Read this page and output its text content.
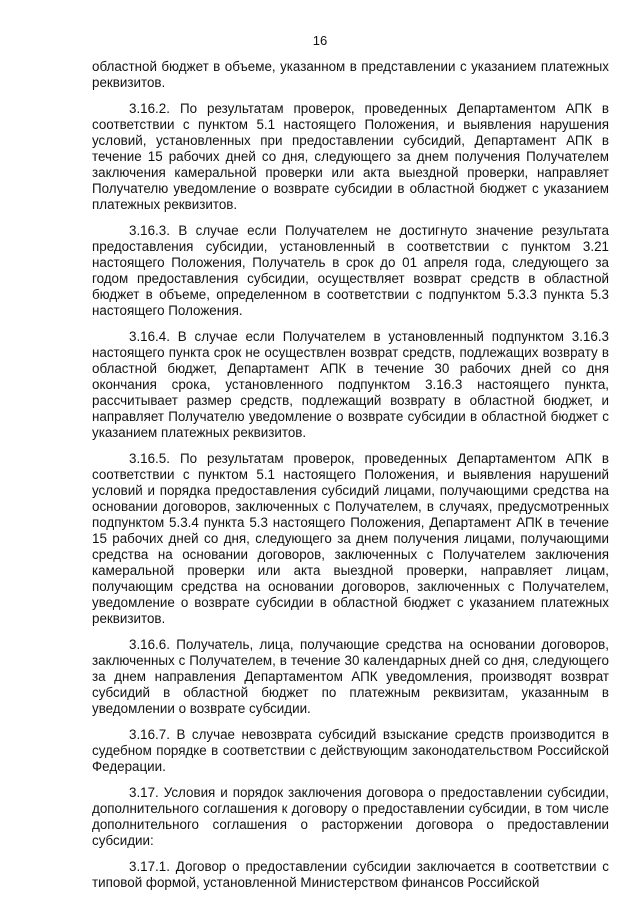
16

областной бюджет в объеме, указанном в представлении с указанием платежных реквизитов.

3.16.2. По результатам проверок, проведенных Департаментом АПК в соответствии с пунктом 5.1 настоящего Положения, и выявления нарушения условий, установленных при предоставлении субсидий, Департамент АПК в течение 15 рабочих дней со дня, следующего за днем получения Получателем заключения камеральной проверки или акта выездной проверки, направляет Получателю уведомление о возврате субсидии в областной бюджет с указанием платежных реквизитов.

3.16.3. В случае если Получателем не достигнуто значение результата предоставления субсидии, установленный в соответствии с пунктом 3.21 настоящего Положения, Получатель в срок до 01 апреля года, следующего за годом предоставления субсидии, осуществляет возврат средств в областной бюджет в объеме, определенном в соответствии с подпунктом 5.3.3 пункта 5.3 настоящего Положения.

3.16.4. В случае если Получателем в установленный подпунктом 3.16.3 настоящего пункта срок не осуществлен возврат средств, подлежащих возврату в областной бюджет, Департамент АПК в течение 30 рабочих дней со дня окончания срока, установленного подпунктом 3.16.3 настоящего пункта, рассчитывает размер средств, подлежащий возврату в областной бюджет, и направляет Получателю уведомление о возврате субсидии в областной бюджет с указанием платежных реквизитов.

3.16.5. По результатам проверок, проведенных Департаментом АПК в соответствии с пунктом 5.1 настоящего Положения, и выявления нарушений условий и порядка предоставления субсидий лицами, получающими средства на основании договоров, заключенных с Получателем, в случаях, предусмотренных подпунктом 5.3.4 пункта 5.3 настоящего Положения, Департамент АПК в течение 15 рабочих дней со дня, следующего за днем получения лицами, получающими средства на основании договоров, заключенных с Получателем заключения камеральной проверки или акта выездной проверки, направляет лицам, получающим средства на основании договоров, заключенных с Получателем, уведомление о возврате субсидии в областной бюджет с указанием платежных реквизитов.

3.16.6. Получатель, лица, получающие средства на основании договоров, заключенных с Получателем, в течение 30 календарных дней со дня, следующего за днем направления Департаментом АПК уведомления, производят возврат субсидий в областной бюджет по платежным реквизитам, указанным в уведомлении о возврате субсидии.

3.16.7. В случае невозврата субсидий взыскание средств производится в судебном порядке в соответствии с действующим законодательством Российской Федерации.

3.17. Условия и порядок заключения договора о предоставлении субсидии, дополнительного соглашения к договору о предоставлении субсидии, в том числе дополнительного соглашения о расторжении договора о предоставлении субсидии:

3.17.1. Договор о предоставлении субсидии заключается в соответствии с типовой формой, установленной Министерством финансов Российской
